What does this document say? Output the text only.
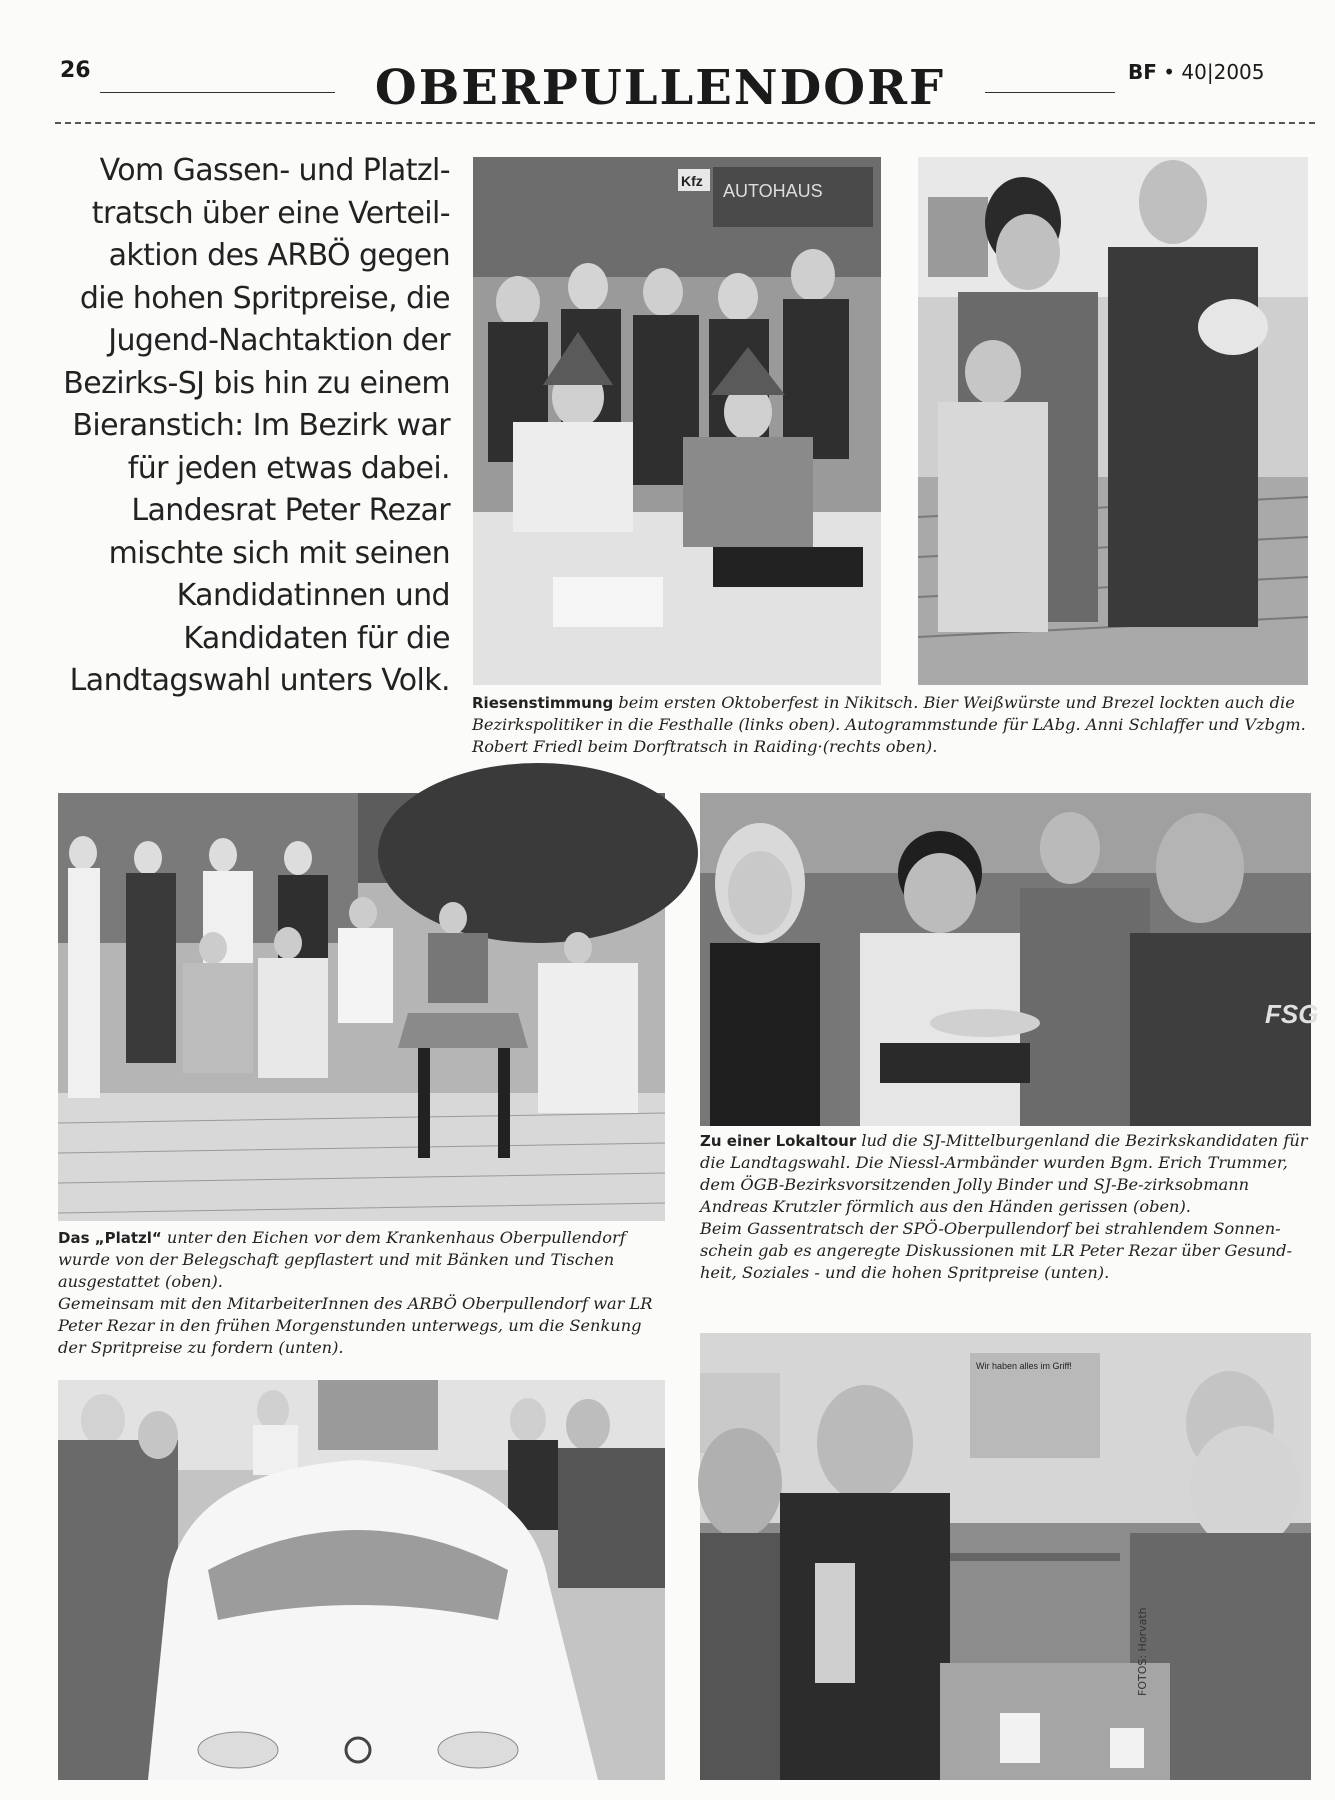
26	OBERPULLENDORF	BF • 40|2005
Vom Gassen- und Platzl-tratsch über eine Verteil-aktion des ARBÖ gegen die hohen Spritpreise, die Jugend-Nachtaktion der Bezirks-SJ bis hin zu einem Bieranstich: Im Bezirk war für jeden etwas dabei. Landesrat Peter Rezar mischte sich mit seinen Kandidatinnen und Kandidaten für die Landtagswahl unters Volk.
AUTOHAUS
Kfz
Riesenstimmung beim ersten Oktoberfest in Nikitsch. Bier Weißwürste und Brezel lockten auch die Bezirkspolitiker in die Festhalle (links oben). Autogrammstunde für LAbg. Anni Schlaffer und Vzbgm. Robert Friedl beim Dorftratsch in Raiding·(rechts oben).
FSG
Zu einer Lokaltour lud die SJ-Mittelburgenland die Bezirkskandidaten für die Landtagswahl. Die Niessl-Armbänder wurden Bgm. Erich Trummer, dem ÖGB-Bezirksvorsitzenden Jolly Binder und SJ-Be-zirksobmann Andreas Krutzler förmlich aus den Händen gerissen (oben).
Beim Gassentratsch der SPÖ-Oberpullendorf bei strahlendem Sonnen-schein gab es angeregte Diskussionen mit LR Peter Rezar über Gesund-heit, Soziales - und die hohen Spritpreise (unten).
Das „Platzl“ unter den Eichen vor dem Krankenhaus Oberpullendorf wurde von der Belegschaft gepflastert und mit Bänken und Tischen ausgestattet (oben).
Gemeinsam mit den MitarbeiterInnen des ARBÖ Oberpullendorf war LR Peter Rezar in den frühen Morgenstunden unterwegs, um die Senkung der Spritpreise zu fordern (unten).
Wir haben alles im Griff!
FOTOS: Horvath
